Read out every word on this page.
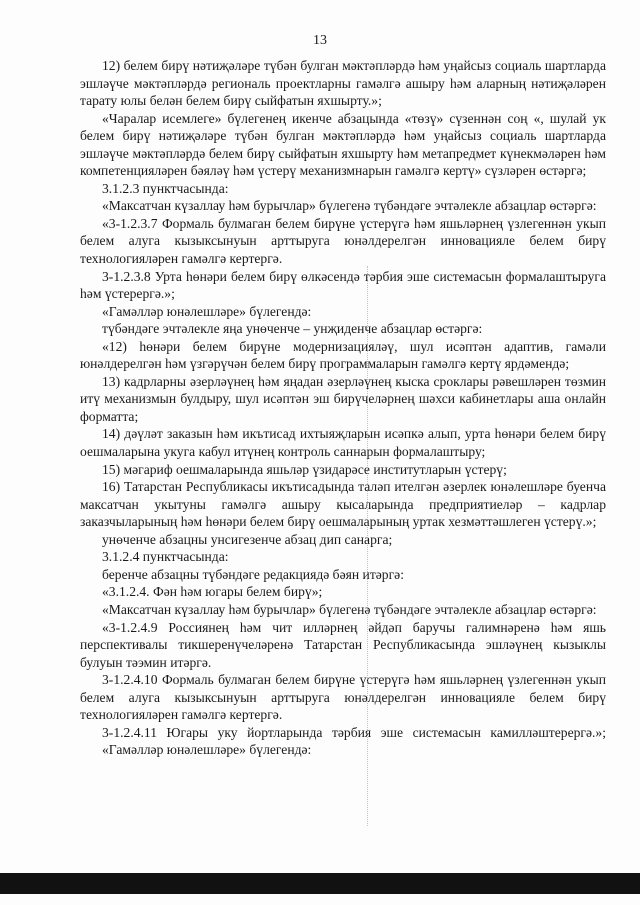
13

12) белем бирү нәтиҗәләре түбән булган мәктәпләрдә һәм уңайсыз социаль шартларда эшләүче мәктәпләрдә региональ проектларны гамәлгә ашыру һәм аларның нәтиҗәләрен тарату юлы белән белем бирү сыйфатын яхшырту.»;

«Чаралар исемлеге» бүлегенең икенче абзацында «төзү» сүзеннән соң «, шулай ук белем бирү нәтиҗәләре түбән булган мәктәпләрдә һәм уңайсыз социаль шартларда эшләүче мәктәпләрдә белем бирү сыйфатын яхшырту һәм метапредмет күнекмәләрен һәм компетенцияләрен бәяләү һәм үстерү механизмнарын гамәлгә кертү» сүзләрен өстәргә;

3.1.2.3 пунктчасында:

«Максатчан күзаллау һәм бурычлар» бүлегенә түбәндәге эчтәлекле абзацлар өстәргә:

«3-1.2.3.7 Формаль булмаган белем бирүне үстерүгә һәм яшьләрнең үзлегеннән укып белем алуга кызыксынуын арттыруга юнәлдерелгән инновацияле белем бирү технологияләрен гамәлгә кертергә.

3-1.2.3.8 Урта һөнәри белем бирү өлкәсендә тәрбия эше системасын формалаштыруга һәм үстерергә.»;

«Гамәлләр юнәлешләре» бүлегендә:

түбәндәге эчтәлекле яңа унөченче – унҗиденче абзацлар өстәргә:

«12) һөнәри белем бирүне модернизацияләү, шул исәптән адаптив, гамәли юнәлдерелгән һәм үзгәрүчән белем бирү программаларын гамәлгә кертү ярдәмендә;

13) кадрларны әзерләүнең һәм яңадан әзерләүнең кыска сроклары рәвешләрен төзмин итү механизмын булдыру, шул исәптән эш бирүчеләрнең шәхси кабинетлары аша онлайн форматта;

14) дәүләт заказын һәм икътисад ихтыяҗларын исәпкә алып, урта һөнәри белем бирү оешмаларына укуга кабул итүнең контроль саннарын формалаштыру;

15) мәгариф оешмаларында яшьләр үзидарәсе институтларын үстерү;

16) Татарстан Республикасы икътисадында таләп ителгән әзерлек юнәлешләре буенча максатчан укытуны гамәлгә ашыру кысаларында предприятиеләр – кадрлар заказчыларының һәм һөнәри белем бирү оешмаларының уртак хезмәттәшлеген үстерү.»;

унөченче абзацны унсигезенче абзац дип санарга;

3.1.2.4 пунктчасында:

беренче абзацны түбәндәге редакциядә бәян итәргә:

«3.1.2.4. Фән һәм югары белем бирү»;

«Максатчан күзаллау һәм бурычлар» бүлегенә түбәндәге эчтәлекле абзацлар өстәргә:

«3-1.2.4.9 Россиянең һәм чит илләрнең әйдәп баручы галимнәренә һәм яшь перспективалы тикшеренүчеләренә Татарстан Республикасында эшләүнең кызыклы булуын тәэмин итәргә.

3-1.2.4.10 Формаль булмаган белем бирүне үстерүгә һәм яшьләрнең үзлегеннән укып белем алуга кызыксынуын арттыруга юнәлдерелгән инновацияле белем бирү технологияләрен гамәлгә кертергә.

3-1.2.4.11 Югары уку йортларында тәрбия эше системасын камилләштерергә.»;

«Гамәлләр юнәлешләре» бүлегендә:
